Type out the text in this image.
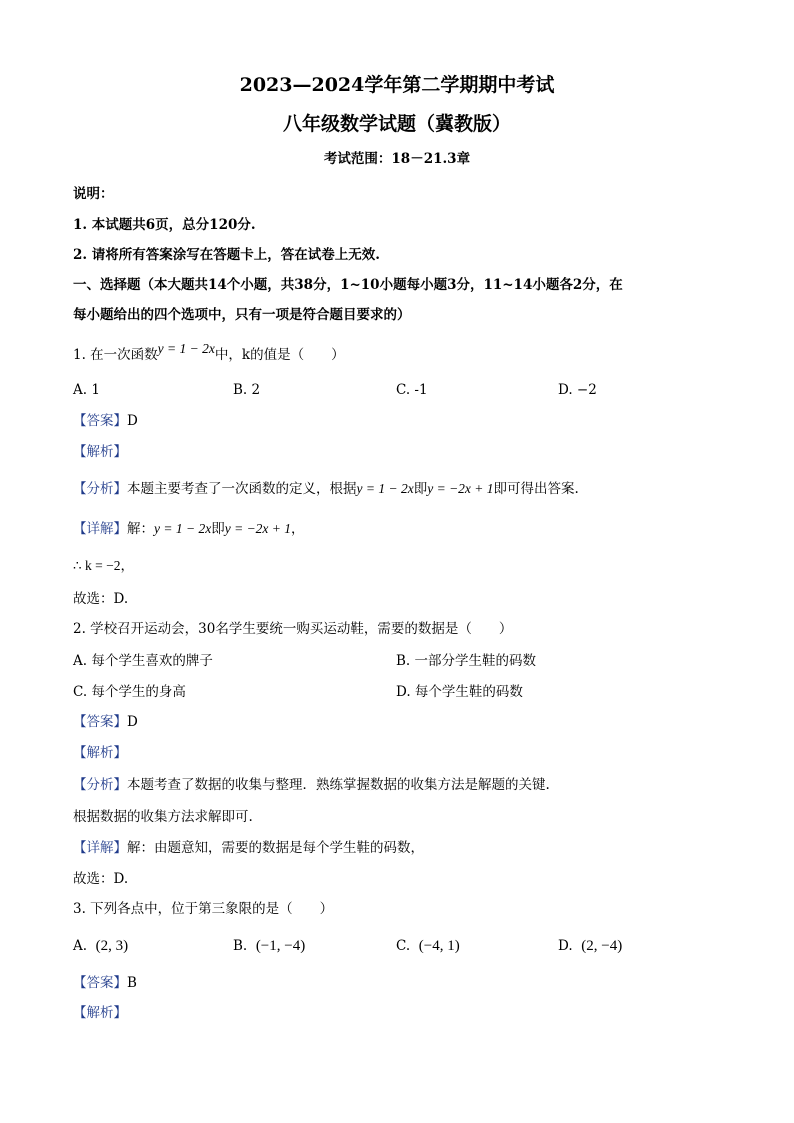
2023—2024学年第二学期期中考试
八年级数学试题（冀教版）
考试范围：18－21.3章
说明：
1. 本试题共6页，总分120分.
2. 请将所有答案涂写在答题卡上，答在试卷上无效.
一、选择题（本大题共14个小题，共38分，1~10小题每小题3分，11~14小题各2分，在
每小题给出的四个选项中，只有一项是符合题目要求的）
1. 在一次函数y = 1 − 2x中，k的值是（　　）
A. 1	B. 2	C. -1	D. −2
【答案】D
【解析】
【分析】本题主要考查了一次函数的定义，根据y = 1 − 2x即y = −2x + 1即可得出答案.
【详解】解：y = 1 − 2x即y = −2x + 1，
∴ k = −2，
故选：D.
2. 学校召开运动会，30名学生要统一购买运动鞋，需要的数据是（　　）
A. 每个学生喜欢的牌子	B. 一部分学生鞋的码数
C. 每个学生的身高	D. 每个学生鞋的码数
【答案】D
【解析】
【分析】本题考查了数据的收集与整理．熟练掌握数据的收集方法是解题的关键.
根据数据的收集方法求解即可.
【详解】解：由题意知，需要的数据是每个学生鞋的码数，
故选：D.
3. 下列各点中，位于第三象限的是（　　）
A. (2, 3)	B. (−1, −4)	C. (−4, 1)	D. (2, −4)
【答案】B
【解析】
